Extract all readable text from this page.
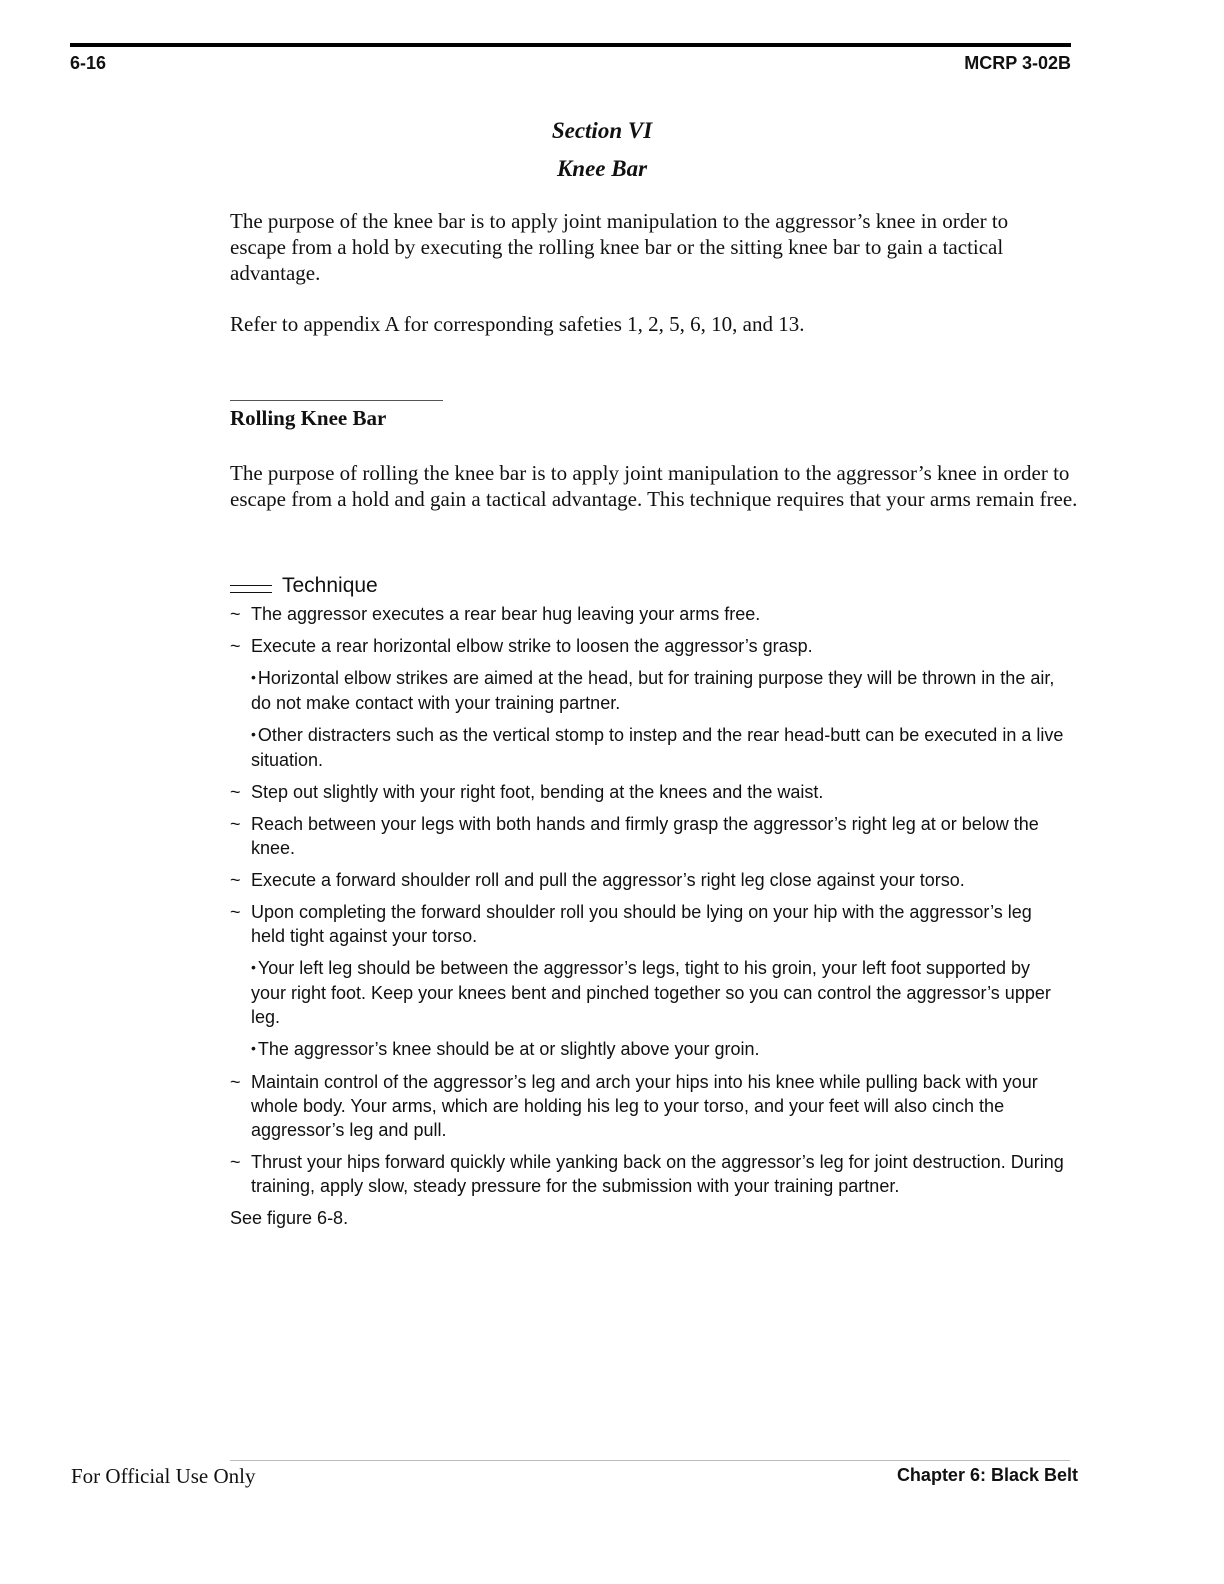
6-16	MCRP 3-02B
Section VI
Knee Bar
The purpose of the knee bar is to apply joint manipulation to the aggressor’s knee in order to escape from a hold by executing the rolling knee bar or the sitting knee bar to gain a tactical advantage.
Refer to appendix A for corresponding safeties 1, 2, 5, 6, 10, and 13.
Rolling Knee Bar
The purpose of rolling the knee bar is to apply joint manipulation to the aggressor’s knee in order to escape from a hold and gain a tactical advantage. This technique requires that your arms remain free.
Technique
~ The aggressor executes a rear bear hug leaving your arms free.
~ Execute a rear horizontal elbow strike to loosen the aggressor’s grasp.
• Horizontal elbow strikes are aimed at the head, but for training purpose they will be thrown in the air, do not make contact with your training partner.
• Other distracters such as the vertical stomp to instep and the rear head-butt can be executed in a live situation.
~ Step out slightly with your right foot, bending at the knees and the waist.
~ Reach between your legs with both hands and firmly grasp the aggressor’s right leg at or below the knee.
~ Execute a forward shoulder roll and pull the aggressor’s right leg close against your torso.
~ Upon completing the forward shoulder roll you should be lying on your hip with the aggressor’s leg held tight against your torso.
• Your left leg should be between the aggressor’s legs, tight to his groin, your left foot supported by your right foot. Keep your knees bent and pinched together so you can control the aggressor’s upper leg.
• The aggressor’s knee should be at or slightly above your groin.
~ Maintain control of the aggressor’s leg and arch your hips into his knee while pulling back with your whole body. Your arms, which are holding his leg to your torso, and your feet will also cinch the aggressor’s leg and pull.
~ Thrust your hips forward quickly while yanking back on the aggressor’s leg for joint destruction. During training, apply slow, steady pressure for the submission with your training partner.
See figure 6-8.
For Official Use Only	Chapter 6: Black Belt
